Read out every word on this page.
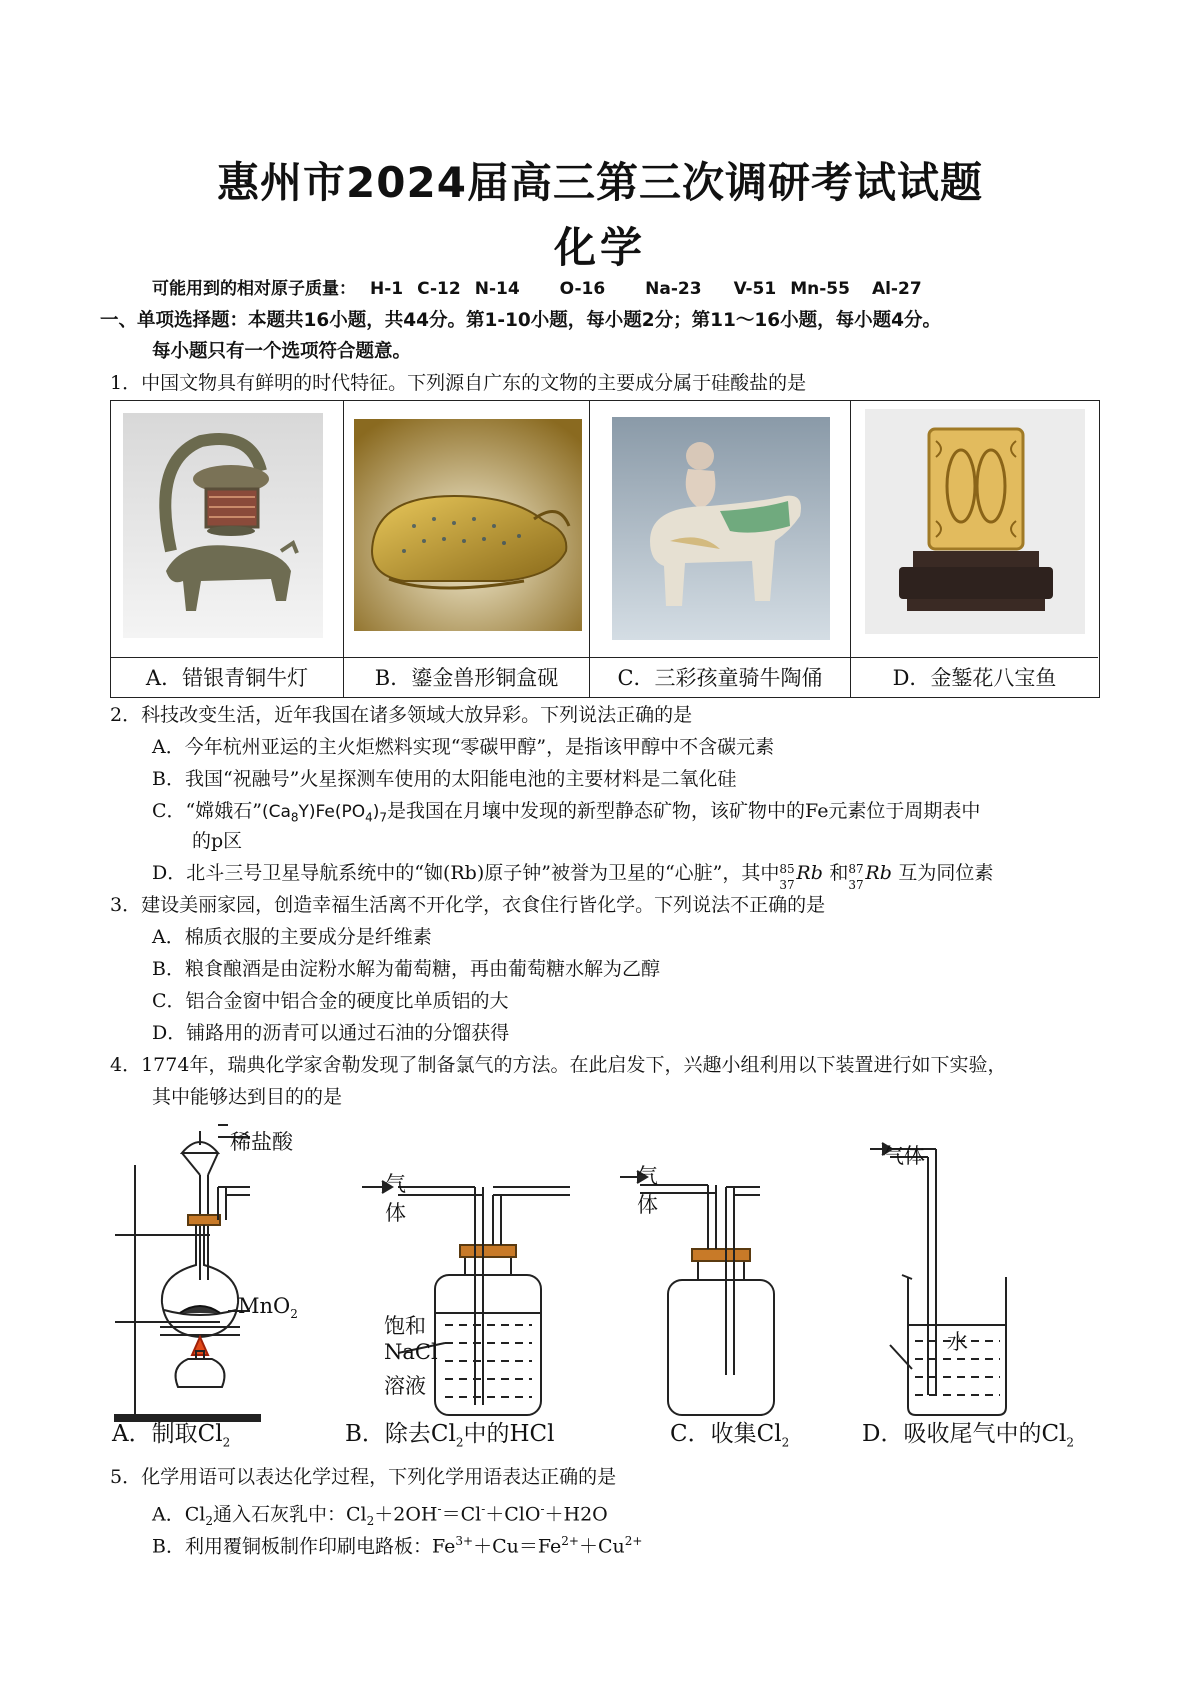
惠州市2024届高三第三次调研考试试题
化学
可能用到的相对原子质量： H-1 C-12 N-14 O-16 Na-23 V-51 Mn-55 Al-27
一、单项选择题：本题共16小题，共44分。第1-10小题，每小题2分；第11～16小题，每小题4分。
每小题只有一个选项符合题意。
1．中国文物具有鲜明的时代特征。下列源自广东的文物的主要成分属于硅酸盐的是
A．错银青铜牛灯	B．鎏金兽形铜盒砚	C．三彩孩童骑牛陶俑	D．金錾花八宝鱼
2．科技改变生活，近年我国在诸多领域大放异彩。下列说法正确的是
A．今年杭州亚运的主火炬燃料实现“零碳甲醇”，是指该甲醇中不含碳元素
B．我国“祝融号”火星探测车使用的太阳能电池的主要材料是二氧化硅
C．“嫦娥石$”(Ca_8Y)Fe(PO_4)_7$是我国在月壤中发现的新型静态矿物，该矿物中的Fe元素位于周期表中
的p区
D．北斗三号卫星导航系统中的“铷(Rb)原子钟”被誉为卫星的“心脏”，其中 85
37
Rb 和 87
37
Rb 互为同位素
3．建设美丽家园，创造幸福生活离不开化学，衣食住行皆化学。下列说法不正确的是
A．棉质衣服的主要成分是纤维素
B．粮食酿酒是由淀粉水解为葡萄糖，再由葡萄糖水解为乙醇
C．铝合金窗中铝合金的硬度比单质铝的大
D．铺路用的沥青可以通过石油的分馏获得
4．1774年，瑞典化学家舍勒发现了制备氯气的方法。在此启发下，兴趣小组利用以下装置进行如下实验，
其中能够达到目的的是
稀盐酸
MnO$_2$
气
体
饱和
NaCl
溶液
气
体
气体
水
A．制取$Cl_2$	B．除去$Cl_2$中的HCl	C．收集$Cl_2$	D．吸收尾气中的$Cl_2$
5．化学用语可以表达化学过程，下列化学用语表达正确的是
A．$Cl_2$通入石灰乳中：$Cl_2+2OH^-=Cl^-+ClO^-+H2O$
B．利用覆铜板制作印刷电路板：$Fe^{3+}+Cu=Fe^{2+}+Cu^{2+}$
